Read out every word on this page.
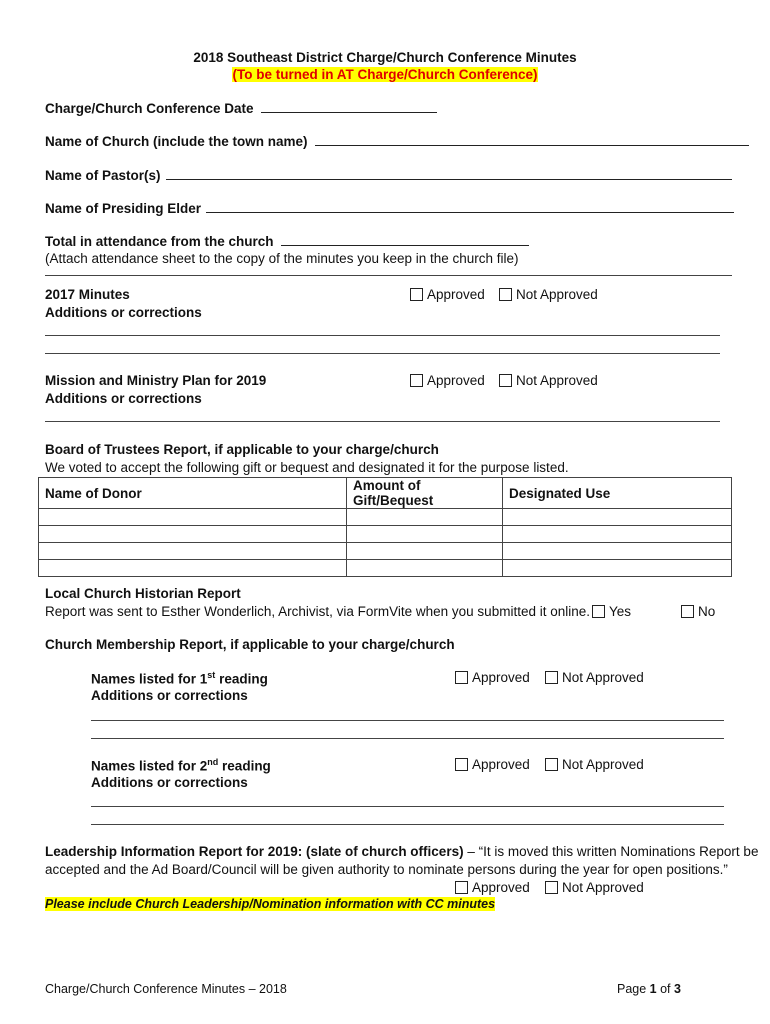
2018 Southeast District Charge/Church Conference Minutes
(To be turned in AT Charge/Church Conference)
Charge/Church Conference Date
Name of Church (include the town name)
Name of Pastor(s)
Name of Presiding Elder
Total in attendance from the church
(Attach attendance sheet to the copy of the minutes you keep in the church file)
2017 Minutes
Additions or corrections
Approved	Not Approved
Mission and Ministry Plan for 2019
Additions or corrections
Approved	Not Approved
Board of Trustees Report, if applicable to your charge/church
We voted to accept the following gift or bequest and designated it for the purpose listed.
Name of Donor	Amount of Gift/Bequest	Designated Use

Local Church Historian Report
Report was sent to Esther Wonderlich, Archivist, via FormVite when you submitted it online.	Yes	No
Church Membership Report, if applicable to your charge/church
Names listed for 1st reading
Additions or corrections
Approved	Not Approved
Names listed for 2nd reading
Additions or corrections
Approved	Not Approved
Leadership Information Report for 2019: (slate of church officers) – “It is moved this written Nominations Report be
accepted and the Ad Board/Council will be given authority to nominate persons during the year for open positions.”
Approved	Not Approved
Please include Church Leadership/Nomination information with CC minutes
Charge/Church Conference Minutes – 2018	Page 1 of 3
